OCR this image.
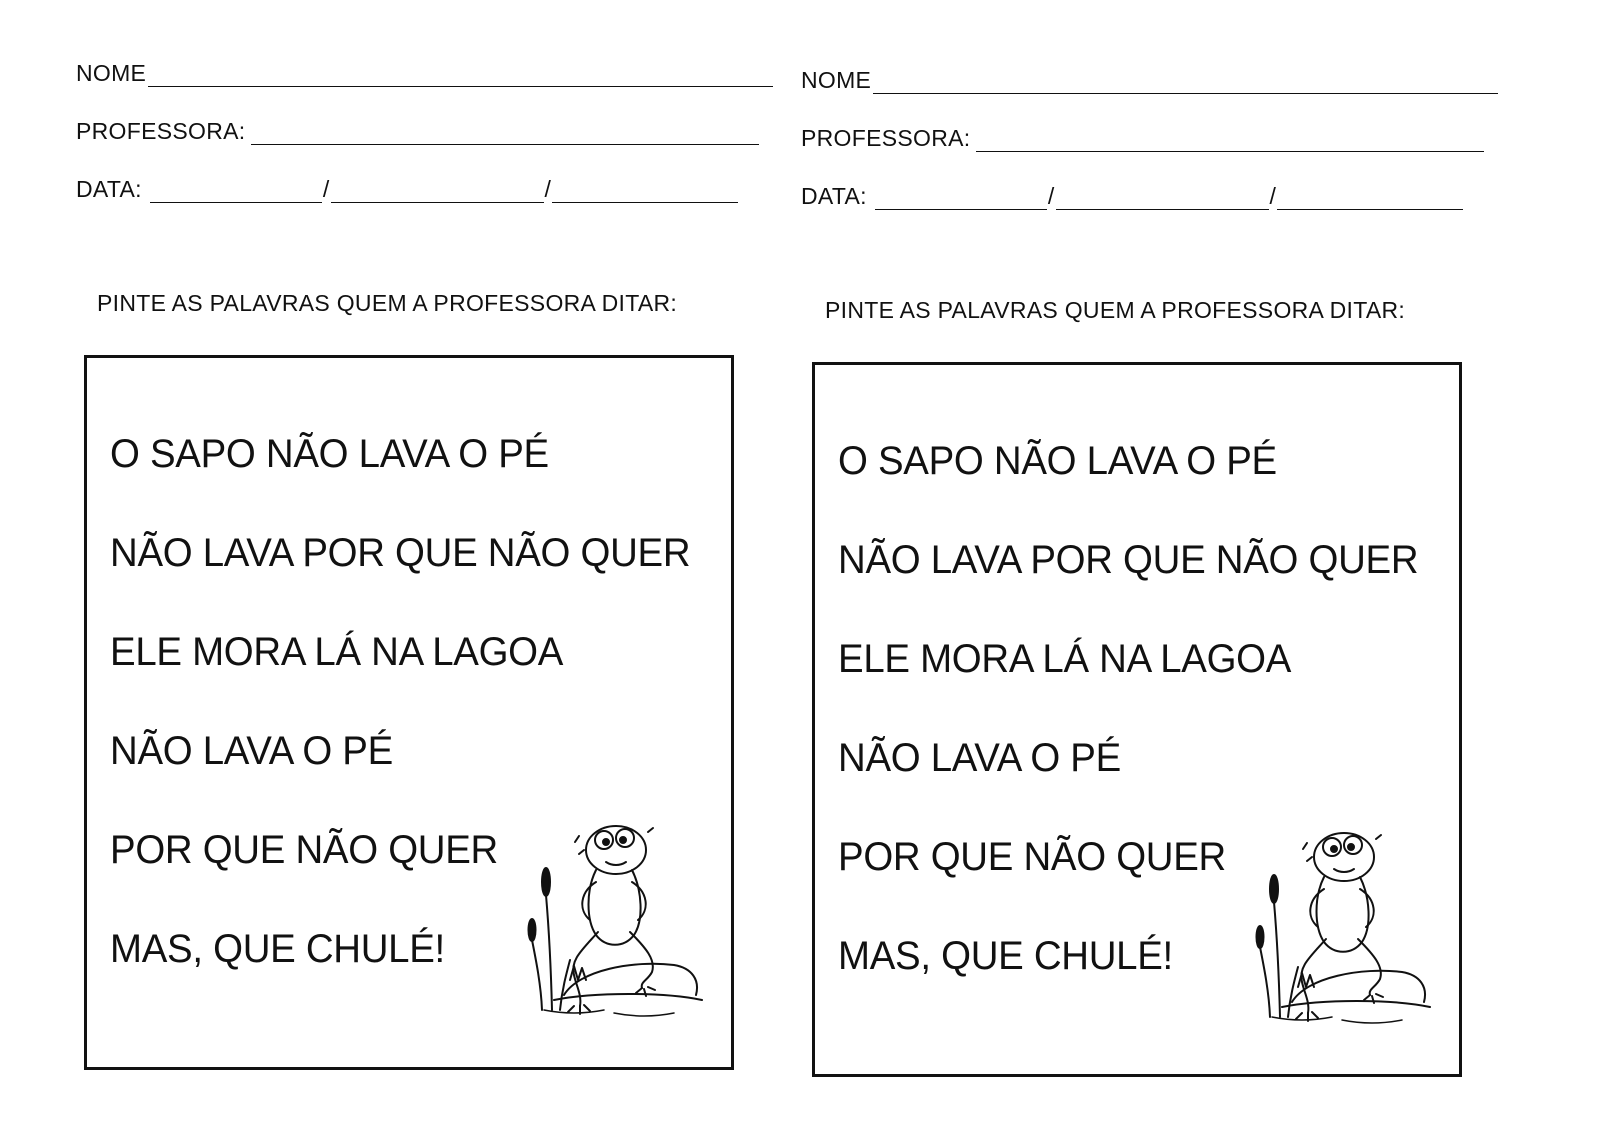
NOME
PROFESSORA:
DATA:	/	/
PINTE AS PALAVRAS QUEM A PROFESSORA DITAR:
O SAPO NÃO LAVA O PÉ
NÃO LAVA POR QUE NÃO QUER
ELE MORA LÁ NA LAGOA
NÃO LAVA O PÉ
POR QUE NÃO QUER
MAS, QUE CHULÉ!
NOME
PROFESSORA:
DATA:	/	/
PINTE AS PALAVRAS QUEM A PROFESSORA DITAR:
O SAPO NÃO LAVA O PÉ
NÃO LAVA POR QUE NÃO QUER
ELE MORA LÁ NA LAGOA
NÃO LAVA O PÉ
POR QUE NÃO QUER
MAS, QUE CHULÉ!
